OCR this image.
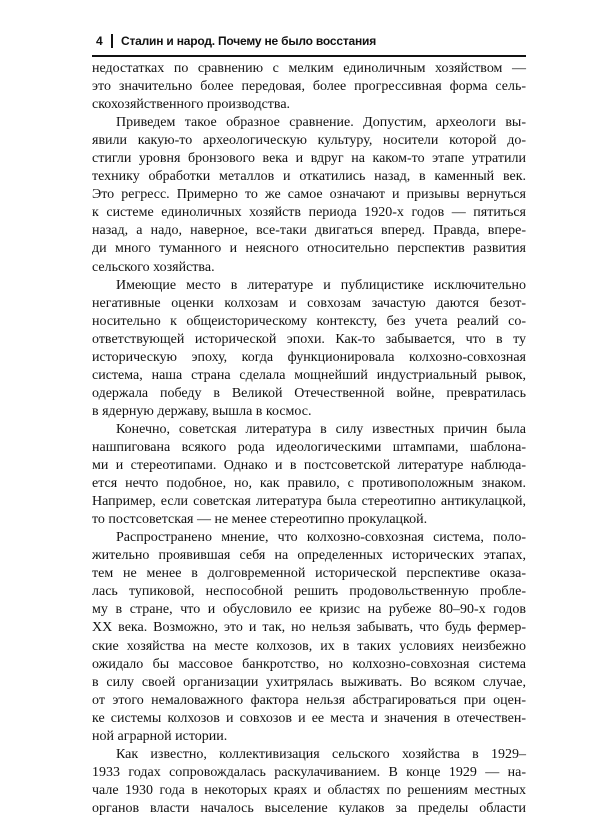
4 Сталин и народ. Почему не было восстания
недостатках по сравнению с мелким единоличным хозяйством —
это значительно более передовая, более прогрессивная форма сель-
скохозяйственного производства.
Приведем такое образное сравнение. Допустим, археологи вы-
явили какую-то археологическую культуру, носители которой до-
стигли уровня бронзового века и вдруг на каком-то этапе утратили
технику обработки металлов и откатились назад, в каменный век.
Это регресс. Примерно то же самое означают и призывы вернуться
к системе единоличных хозяйств периода 1920-х годов — пятиться
назад, а надо, наверное, все-таки двигаться вперед. Правда, впере-
ди много туманного и неясного относительно перспектив развития
сельского хозяйства.
Имеющие место в литературе и публицистике исключительно
негативные оценки колхозам и совхозам зачастую даются безот-
носительно к общеисторическому контексту, без учета реалий со-
ответствующей исторической эпохи. Как-то забывается, что в ту
историческую эпоху, когда функционировала колхозно-совхозная
система, наша страна сделала мощнейший индустриальный рывок,
одержала победу в Великой Отечественной войне, превратилась
в ядерную державу, вышла в космос.
Конечно, советская литература в силу известных причин была
нашпигована всякого рода идеологическими штампами, шаблона-
ми и стереотипами. Однако и в постсоветской литературе наблюда-
ется нечто подобное, но, как правило, с противоположным знаком.
Например, если советская литература была стереотипно антикулацкой,
то постсоветская — не менее стереотипно прокулацкой.
Распространено мнение, что колхозно-совхозная система, поло-
жительно проявившая себя на определенных исторических этапах,
тем не менее в долговременной исторической перспективе оказа-
лась тупиковой, неспособной решить продовольственную пробле-
му в стране, что и обусловило ее кризис на рубеже 80–90-х годов
XX века. Возможно, это и так, но нельзя забывать, что будь фермер-
ские хозяйства на месте колхозов, их в таких условиях неизбежно
ожидало бы массовое банкротство, но колхозно-совхозная система
в силу своей организации ухитрялась выживать. Во всяком случае,
от этого немаловажного фактора нельзя абстрагироваться при оцен-
ке системы колхозов и совхозов и ее места и значения в отечествен-
ной аграрной истории.
Как известно, коллективизация сельского хозяйства в 1929–
1933 годах сопровождалась раскулачиванием. В конце 1929 — на-
чале 1930 года в некоторых краях и областях по решениям местных
органов власти началось выселение кулаков за пределы области
